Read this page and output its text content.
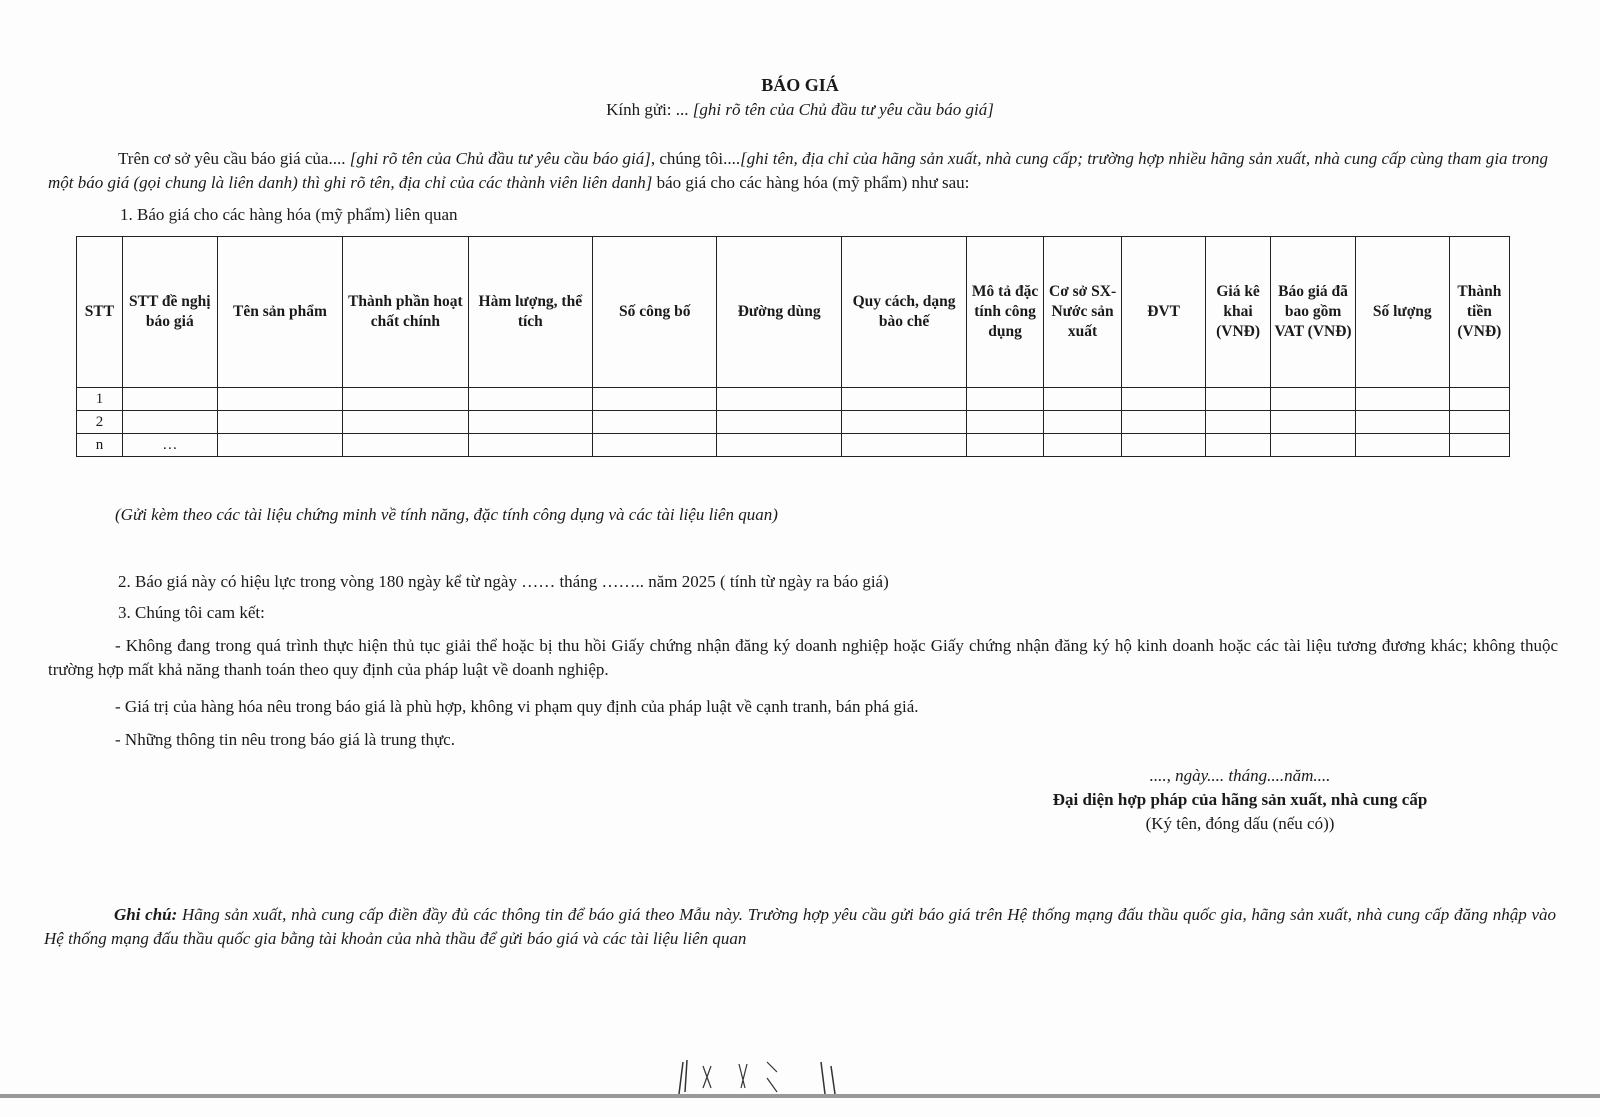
BÁO GIÁ
Kính gửi: ... [ghi rõ tên của Chủ đầu tư yêu cầu báo giá]
Trên cơ sở yêu cầu báo giá của.... [ghi rõ tên của Chủ đầu tư yêu cầu báo giá], chúng tôi....[ghi tên, địa chỉ của hãng sản xuất, nhà cung cấp; trường hợp nhiều hãng sản xuất, nhà cung cấp cùng tham gia trong một báo giá (gọi chung là liên danh) thì ghi rõ tên, địa chỉ của các thành viên liên danh] báo giá cho các hàng hóa (mỹ phẩm) như sau:
1. Báo giá cho các hàng hóa (mỹ phẩm) liên quan
STT	STT đề nghị báo giá	Tên sản phẩm	Thành phần hoạt chất chính	Hàm lượng, thể tích	Số công bố	Đường dùng	Quy cách, dạng bào chế	Mô tả đặc tính công dụng	Cơ sở SX-Nước sản xuất	ĐVT	Giá kê khai (VNĐ)	Báo giá đã bao gồm VAT (VNĐ)	Số lượng	Thành tiền (VNĐ)
1														
2														
n	…													
(Gửi kèm theo các tài liệu chứng minh về tính năng, đặc tính công dụng và các tài liệu liên quan)
2. Báo giá này có hiệu lực trong vòng 180 ngày kể từ ngày …… tháng …….. năm 2025 ( tính từ ngày ra báo giá)
3. Chúng tôi cam kết:
- Không đang trong quá trình thực hiện thủ tục giải thể hoặc bị thu hồi Giấy chứng nhận đăng ký doanh nghiệp hoặc Giấy chứng nhận đăng ký hộ kinh doanh hoặc các tài liệu tương đương khác; không thuộc trường hợp mất khả năng thanh toán theo quy định của pháp luật về doanh nghiệp.
- Giá trị của hàng hóa nêu trong báo giá là phù hợp, không vi phạm quy định của pháp luật về cạnh tranh, bán phá giá.
- Những thông tin nêu trong báo giá là trung thực.
...., ngày.... tháng....năm....
Đại diện hợp pháp của hãng sản xuất, nhà cung cấp
(Ký tên, đóng dấu (nếu có))
Ghi chú: Hãng sản xuất, nhà cung cấp điền đầy đủ các thông tin để báo giá theo Mẫu này. Trường hợp yêu cầu gửi báo giá trên Hệ thống mạng đấu thầu quốc gia, hãng sản xuất, nhà cung cấp đăng nhập vào Hệ thống mạng đấu thầu quốc gia bằng tài khoản của nhà thầu để gửi báo giá và các tài liệu liên quan
